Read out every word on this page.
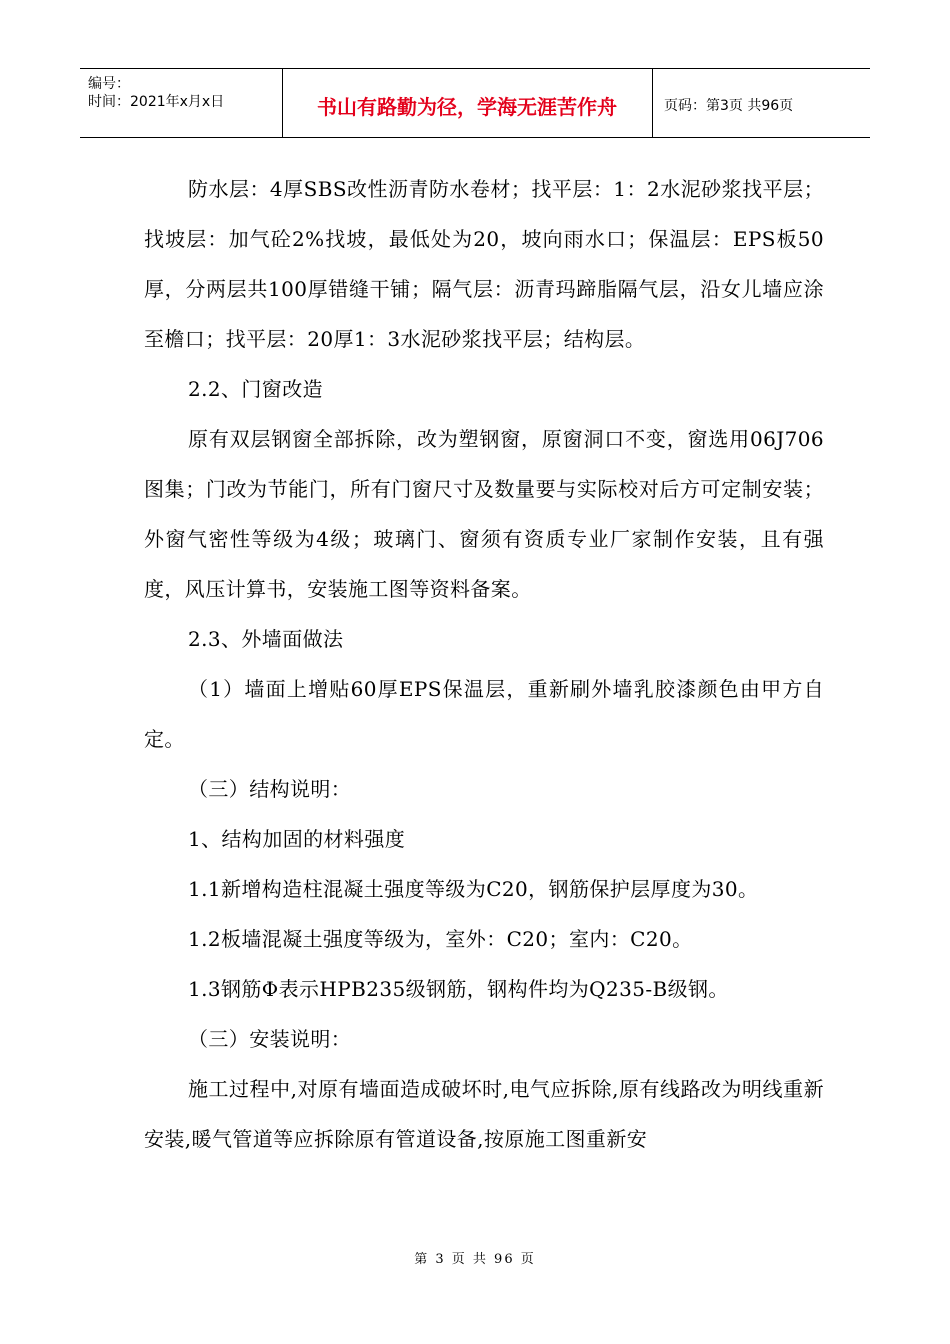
编号：
时间：2021年x月x日	书山有路勤为径，学海无涯苦作舟	页码：第3页 共96页

防水层：4厚SBS改性沥青防水卷材；找平层：1：2水泥砂浆找平层；找坡层：加气砼2%找坡，最低处为20，坡向雨水口；保温层：EPS板50厚，分两层共100厚错缝干铺；隔气层：沥青玛蹄脂隔气层，沿女儿墙应涂至檐口；找平层：20厚1：3水泥砂浆找平层；结构层。

2.2、门窗改造

原有双层钢窗全部拆除，改为塑钢窗，原窗洞口不变，窗选用06J706图集；门改为节能门，所有门窗尺寸及数量要与实际校对后方可定制安装；外窗气密性等级为4级；玻璃门、窗须有资质专业厂家制作安装，且有强度，风压计算书，安装施工图等资料备案。

2.3、外墙面做法

（1）墙面上增贴60厚EPS保温层，重新刷外墙乳胶漆颜色由甲方自定。

（三）结构说明：

1、结构加固的材料强度

1.1新增构造柱混凝土强度等级为C20，钢筋保护层厚度为30。

1.2板墙混凝土强度等级为，室外：C20；室内：C20。

1.3钢筋Φ表示HPB235级钢筋，钢构件均为Q235-B级钢。

（三）安装说明：

施工过程中,对原有墙面造成破坏时,电气应拆除,原有线路改为明线重新安装,暖气管道等应拆除原有管道设备,按原施工图重新安

第 3 页 共 96 页
